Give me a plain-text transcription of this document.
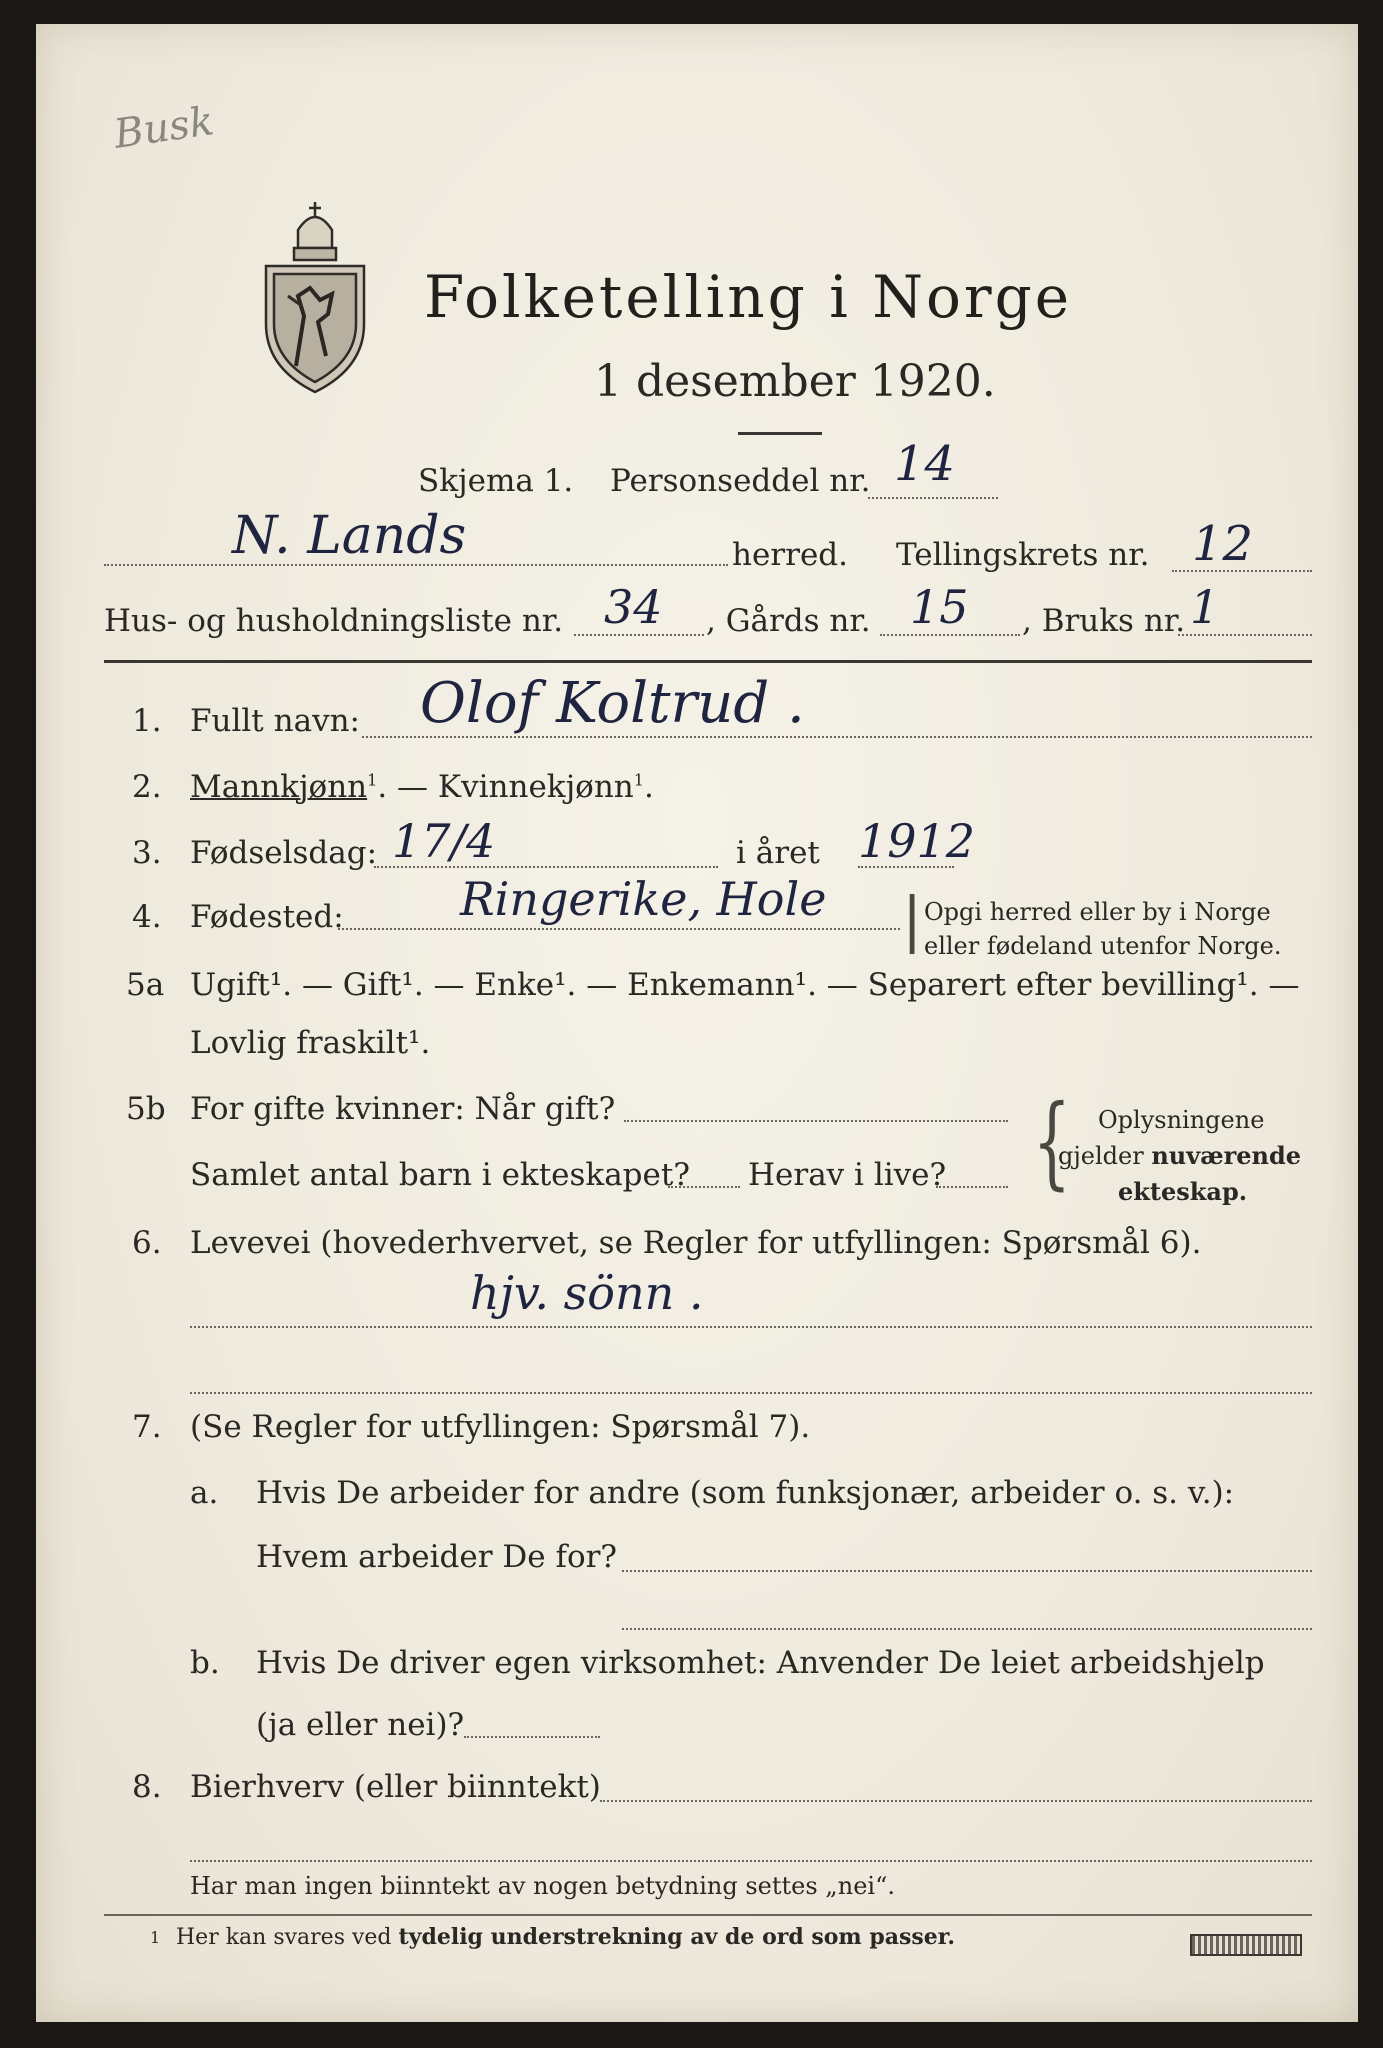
Busk
Folketelling i Norge
1 desember 1920.
Skjema 1. Personseddel nr. 14
N. Lands	herred. Tellingskrets nr. 12
Hus- og husholdningsliste nr. 34 , Gårds nr. 15 , Bruks nr. 1
1. Fullt navn: Olof Koltrud .
2. Mannkjønn$^1$. — Kvinnekjønn$^1$.
3. Fødselsdag: 17/4	i året 1912
4. Fødested:	Ringerike, Hole | Opgi herred eller by i Norge
eller fødeland utenfor Norge.
5a Ugift¹. — Gift¹. — Enke¹. — Enkemann¹. — Separert efter bevilling¹. —
Lovlig fraskilt¹.
5b For gifte kvinner: Når gift?
Samlet antal barn i ekteskapet? Herav i live? { Oplysningene
gjelder nuværende
ekteskap.
6. Levevei (hovederhvervet, se Regler for utfyllingen: Spørsmål 6).
hjv. sönn .
7. (Se Regler for utfyllingen: Spørsmål 7).
a. Hvis De arbeider for andre (som funksjonær, arbeider o. s. v.):
Hvem arbeider De for?
b. Hvis De driver egen virksomhet: Anvender De leiet arbeidshjelp
(ja eller nei)?
8. Bierhverv (eller biinntekt)
Har man ingen biinntekt av nogen betydning settes „nei“.
1 Her kan svares ved tydelig understrekning av de ord som passer.
